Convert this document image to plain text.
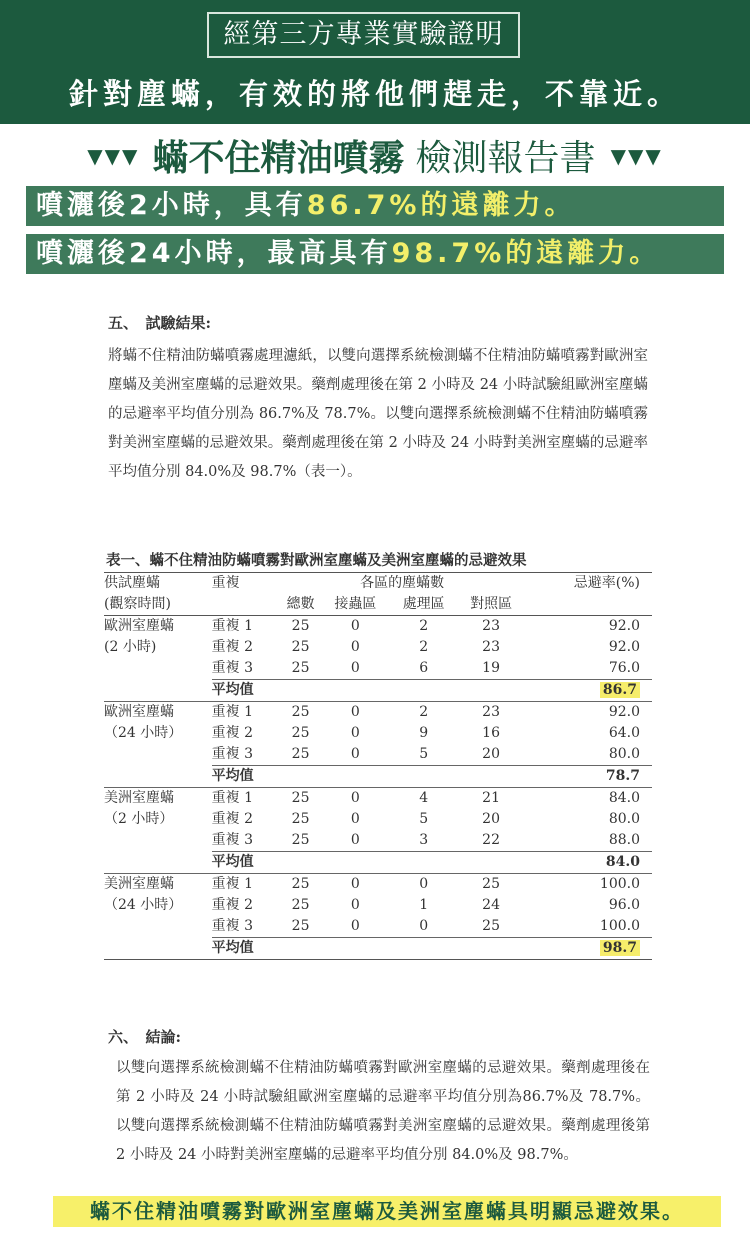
經第三方專業實驗證明
針對塵蟎，有效的將他們趕走，不靠近。
▼▼▼ 蟎不住精油噴霧 檢測報告書 ▼▼▼
噴灑後2小時，具有86.7%的遠離力。
噴灑後24小時，最高具有98.7%的遠離力。
五、　試驗結果:
將蟎不住精油防蟎噴霧處理濾紙，以雙向選擇系統檢測蟎不住精油防蟎噴霧對歐洲室塵蟎及美洲室塵蟎的忌避效果。藥劑處理後在第 2 小時及 24 小時試驗組歐洲室塵蟎的忌避率平均值分別為 86.7%及 78.7%。以雙向選擇系統檢測蟎不住精油防蟎噴霧對美洲室塵蟎的忌避效果。藥劑處理後在第 2 小時及 24 小時對美洲室塵蟎的忌避率平均值分別 84.0%及 98.7%（表一）。
表一、蟎不住精油防蟎噴霧對歐洲室塵蟎及美洲室塵蟎的忌避效果
供試塵蟎	重複	各區的塵蟎數				忌避率(%)
(觀察時間)		總數	接蟲區	處理區	對照區	
歐洲室塵蟎	重複 1	25	0	2	23	92.0
(2 小時)	重複 2	25	0	2	23	92.0
	重複 3	25	0	6	19	76.0
	平均值					86.7
歐洲室塵蟎	重複 1	25	0	2	23	92.0
（24 小時）	重複 2	25	0	9	16	64.0
	重複 3	25	0	5	20	80.0
	平均值					78.7
美洲室塵蟎	重複 1	25	0	4	21	84.0
（2 小時）	重複 2	25	0	5	20	80.0
	重複 3	25	0	3	22	88.0
	平均值					84.0
美洲室塵蟎	重複 1	25	0	0	25	100.0
（24 小時）	重複 2	25	0	1	24	96.0
	重複 3	25	0	0	25	100.0
	平均值					98.7
六、　結論:
以雙向選擇系統檢測蟎不住精油防蟎噴霧對歐洲室塵蟎的忌避效果。藥劑處理後在第 2 小時及 24 小時試驗組歐洲室塵蟎的忌避率平均值分別為86.7%及 78.7%。以雙向選擇系統檢測蟎不住精油防蟎噴霧對美洲室塵蟎的忌避效果。藥劑處理後第 2 小時及 24 小時對美洲室塵蟎的忌避率平均值分別 84.0%及 98.7%。
蟎不住精油噴霧對歐洲室塵蟎及美洲室塵蟎具明顯忌避效果。
